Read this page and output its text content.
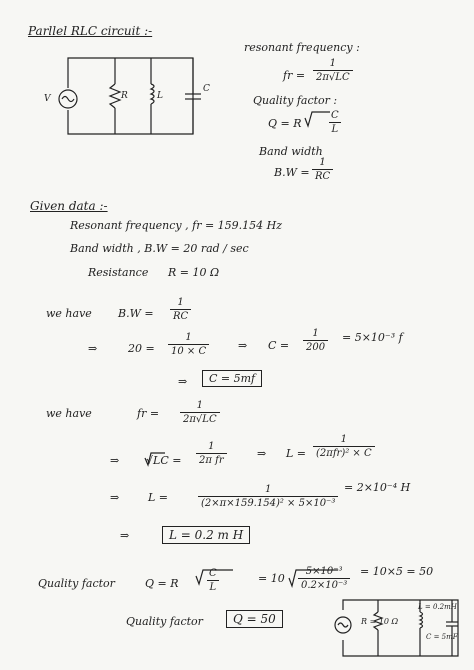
Parllel RLC circuit :-
V	R	L
C
resonant frequency :
fr = $\frac{1}{2\pi√LC}$
Quality factor :
Q = R	$\frac{C}{L}$
Band width
$B.W = \frac{1}{RC}$
Given data :-
Resonant frequency , fr = 159.154 Hz
Band width , B.W = 20 rad / sec
Resistance R = 10 Ω
we have $B.W = \frac{1}{RC}$
⇒	$20 = \frac{1}{10 \times C}$	⇒ $C = \frac{1}{200} = 5\times 10^{-3}$ f
⇒	C = 5mf
we have	fr = $\frac{1}{2\pi√LC}$
⇒ $√LC = \frac{1}{\text{2π fr}}$	⇒ L =
1
(2πfr)² × C
⇒	L =	$\frac{1}{\text{(2×π×159.154)² × 5×10⁻³}} = 2\times 10^{-4}$ H
⇒	L = 0.2 m H
Quality factor	Q = R	$\frac{C}{L}$	= $10 \frac{\text{5×10⁻³}}{\text{0.2×10⁻³}} = 10\times 5 = 50$
Quality factor	Q = 50	R = 10 Ω
L = 0.2mH
C = 5mF
